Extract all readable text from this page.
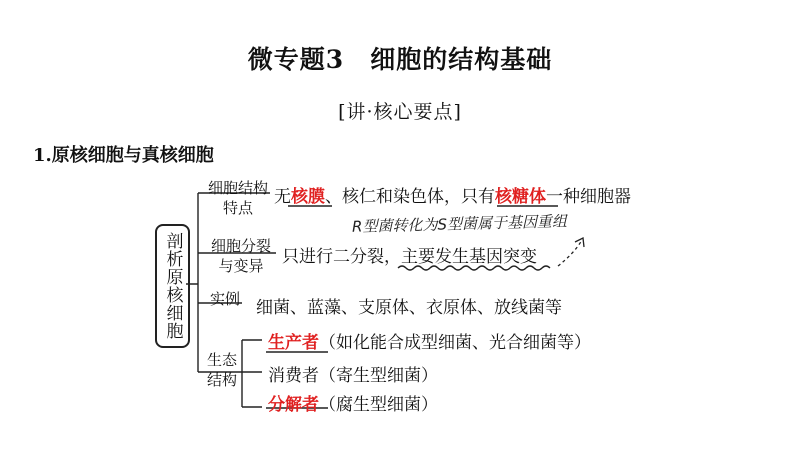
微专题3　细胞的结构基础
[讲·核心要点]
1.原核细胞与真核细胞
剖析原核细胞
细胞结构
特点
无核膜、核仁和染色体，只有核糖体一种细胞器
R型菌转化为S型菌属于基因重组
细胞分裂
与变异	只进行二分裂，主要发生基因突变
实例 细菌、蓝藻、支原体、衣原体、放线菌等
生态
结构
生产者（如化能合成型细菌、光合细菌等）
消费者（寄生型细菌）
分解者（腐生型细菌）
